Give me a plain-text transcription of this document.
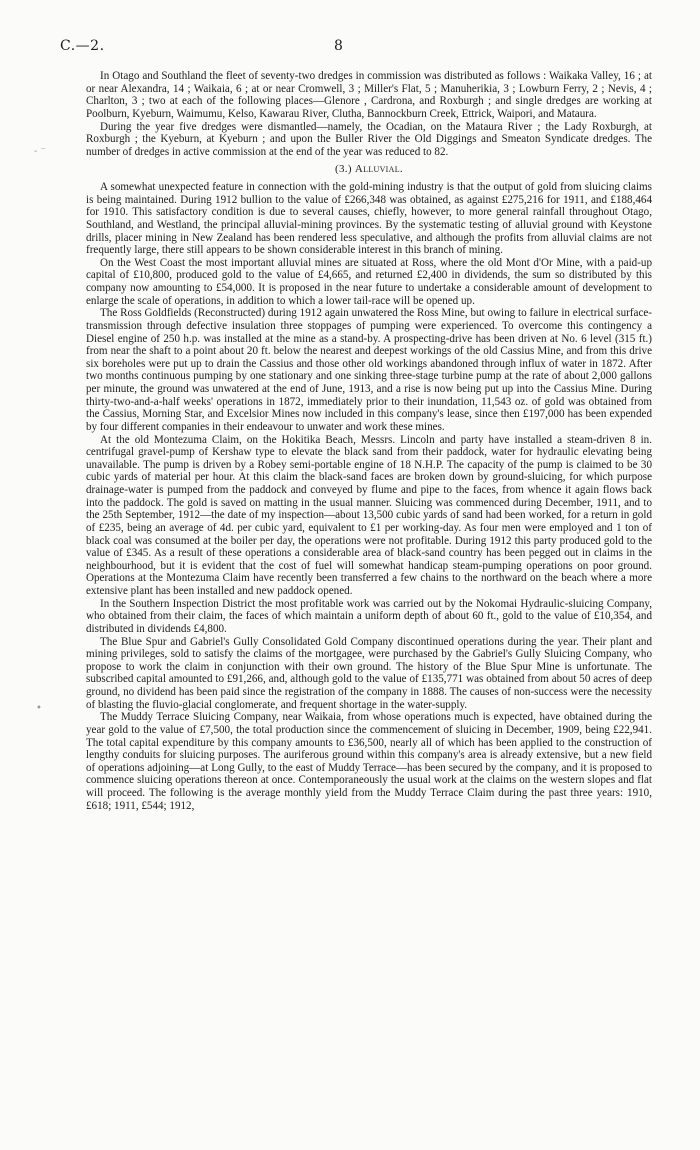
C.—2.	8
- ⁻
•

In Otago and Southland the fleet of seventy-two dredges in commission was distributed as follows : Waikaka Valley, 16 ; at or near Alexandra, 14 ; Waikaia, 6 ; at or near Cromwell, 3 ; Miller's Flat, 5 ; Manuherikia, 3 ; Lowburn Ferry, 2 ; Nevis, 4 ; Charlton, 3 ; two at each of the following places—Glenore , Cardrona, and Roxburgh ; and single dredges are working at Poolburn, Kyeburn, Waimumu, Kelso, Kawarau River, Clutha, Bannockburn Creek, Ettrick, Waipori, and Mataura.

During the year five dredges were dismantled—namely, the Ocadian, on the Mataura River ; the Lady Roxburgh, at Roxburgh ; the Kyeburn, at Kyeburn ; and upon the Buller River the Old Diggings and Smeaton Syndicate dredges. The number of dredges in active commission at the end of the year was reduced to 82.

(3.) Alluvial.

A somewhat unexpected feature in connection with the gold-mining industry is that the output of gold from sluicing claims is being maintained. During 1912 bullion to the value of £266,348 was obtained, as against £275,216 for 1911, and £188,464 for 1910. This satisfactory condition is due to several causes, chiefly, however, to more general rainfall throughout Otago, Southland, and Westland, the principal alluvial-mining provinces. By the systematic testing of alluvial ground with Keystone drills, placer mining in New Zealand has been rendered less speculative, and although the profits from alluvial claims are not frequently large, there still appears to be shown considerable interest in this branch of mining.

On the West Coast the most important alluvial mines are situated at Ross, where the old Mont d'Or Mine, with a paid-up capital of £10,800, produced gold to the value of £4,665, and returned £2,400 in dividends, the sum so distributed by this company now amounting to £54,000. It is proposed in the near future to undertake a considerable amount of development to enlarge the scale of operations, in addition to which a lower tail-race will be opened up.

The Ross Goldfields (Reconstructed) during 1912 again unwatered the Ross Mine, but owing to failure in electrical surface-transmission through defective insulation three stoppages of pumping were experienced. To overcome this contingency a Diesel engine of 250 h.p. was installed at the mine as a stand-by. A prospecting-drive has been driven at No. 6 level (315 ft.) from near the shaft to a point about 20 ft. below the nearest and deepest workings of the old Cassius Mine, and from this drive six boreholes were put up to drain the Cassius and those other old workings abandoned through influx of water in 1872. After two months continuous pumping by one stationary and one sinking three-stage turbine pump at the rate of about 2,000 gallons per minute, the ground was unwatered at the end of June, 1913, and a rise is now being put up into the Cassius Mine. During thirty-two-and-a-half weeks' operations in 1872, immediately prior to their inundation, 11,543 oz. of gold was obtained from the Cassius, Morning Star, and Excelsior Mines now included in this company's lease, since then £197,000 has been expended by four different companies in their endeavour to unwater and work these mines.

At the old Montezuma Claim, on the Hokitika Beach, Messrs. Lincoln and party have installed a steam-driven 8 in. centrifugal gravel-pump of Kershaw type to elevate the black sand from their paddock, water for hydraulic elevating being unavailable. The pump is driven by a Robey semi-portable engine of 18 N.H.P. The capacity of the pump is claimed to be 30 cubic yards of material per hour. At this claim the black-sand faces are broken down by ground-sluicing, for which purpose drainage-water is pumped from the paddock and conveyed by flume and pipe to the faces, from whence it again flows back into the paddock. The gold is saved on matting in the usual manner. Sluicing was commenced during December, 1911, and to the 25th September, 1912—the date of my inspection—about 13,500 cubic yards of sand had been worked, for a return in gold of £235, being an average of 4d. per cubic yard, equivalent to £1 per working-day. As four men were employed and 1 ton of black coal was consumed at the boiler per day, the operations were not profitable. During 1912 this party produced gold to the value of £345. As a result of these operations a considerable area of black-sand country has been pegged out in claims in the neighbourhood, but it is evident that the cost of fuel will somewhat handicap steam-pumping operations on poor ground. Operations at the Montezuma Claim have recently been transferred a few chains to the northward on the beach where a more extensive plant has been installed and new paddock opened.

In the Southern Inspection District the most profitable work was carried out by the Nokomai Hydraulic-sluicing Company, who obtained from their claim, the faces of which maintain a uniform depth of about 60 ft., gold to the value of £10,354, and distributed in dividends £4,800.

The Blue Spur and Gabriel's Gully Consolidated Gold Company discontinued operations during the year. Their plant and mining privileges, sold to satisfy the claims of the mortgagee, were purchased by the Gabriel's Gully Sluicing Company, who propose to work the claim in conjunction with their own ground. The history of the Blue Spur Mine is unfortunate. The subscribed capital amounted to £91,266, and, although gold to the value of £135,771 was obtained from about 50 acres of deep ground, no dividend has been paid since the registration of the company in 1888. The causes of non-success were the necessity of blasting the fluvio-glacial conglomerate, and frequent shortage in the water-supply.

The Muddy Terrace Sluicing Company, near Waikaia, from whose operations much is expected, have obtained during the year gold to the value of £7,500, the total production since the commencement of sluicing in December, 1909, being £22,941. The total capital expenditure by this company amounts to £36,500, nearly all of which has been applied to the construction of lengthy conduits for sluicing purposes. The auriferous ground within this company's area is already extensive, but a new field of operations adjoining—at Long Gully, to the east of Muddy Terrace—has been secured by the company, and it is proposed to commence sluicing operations thereon at once. Contemporaneously the usual work at the claims on the western slopes and flat will proceed. The following is the average monthly yield from the Muddy Terrace Claim during the past three years: 1910, £618; 1911, £544; 1912,
